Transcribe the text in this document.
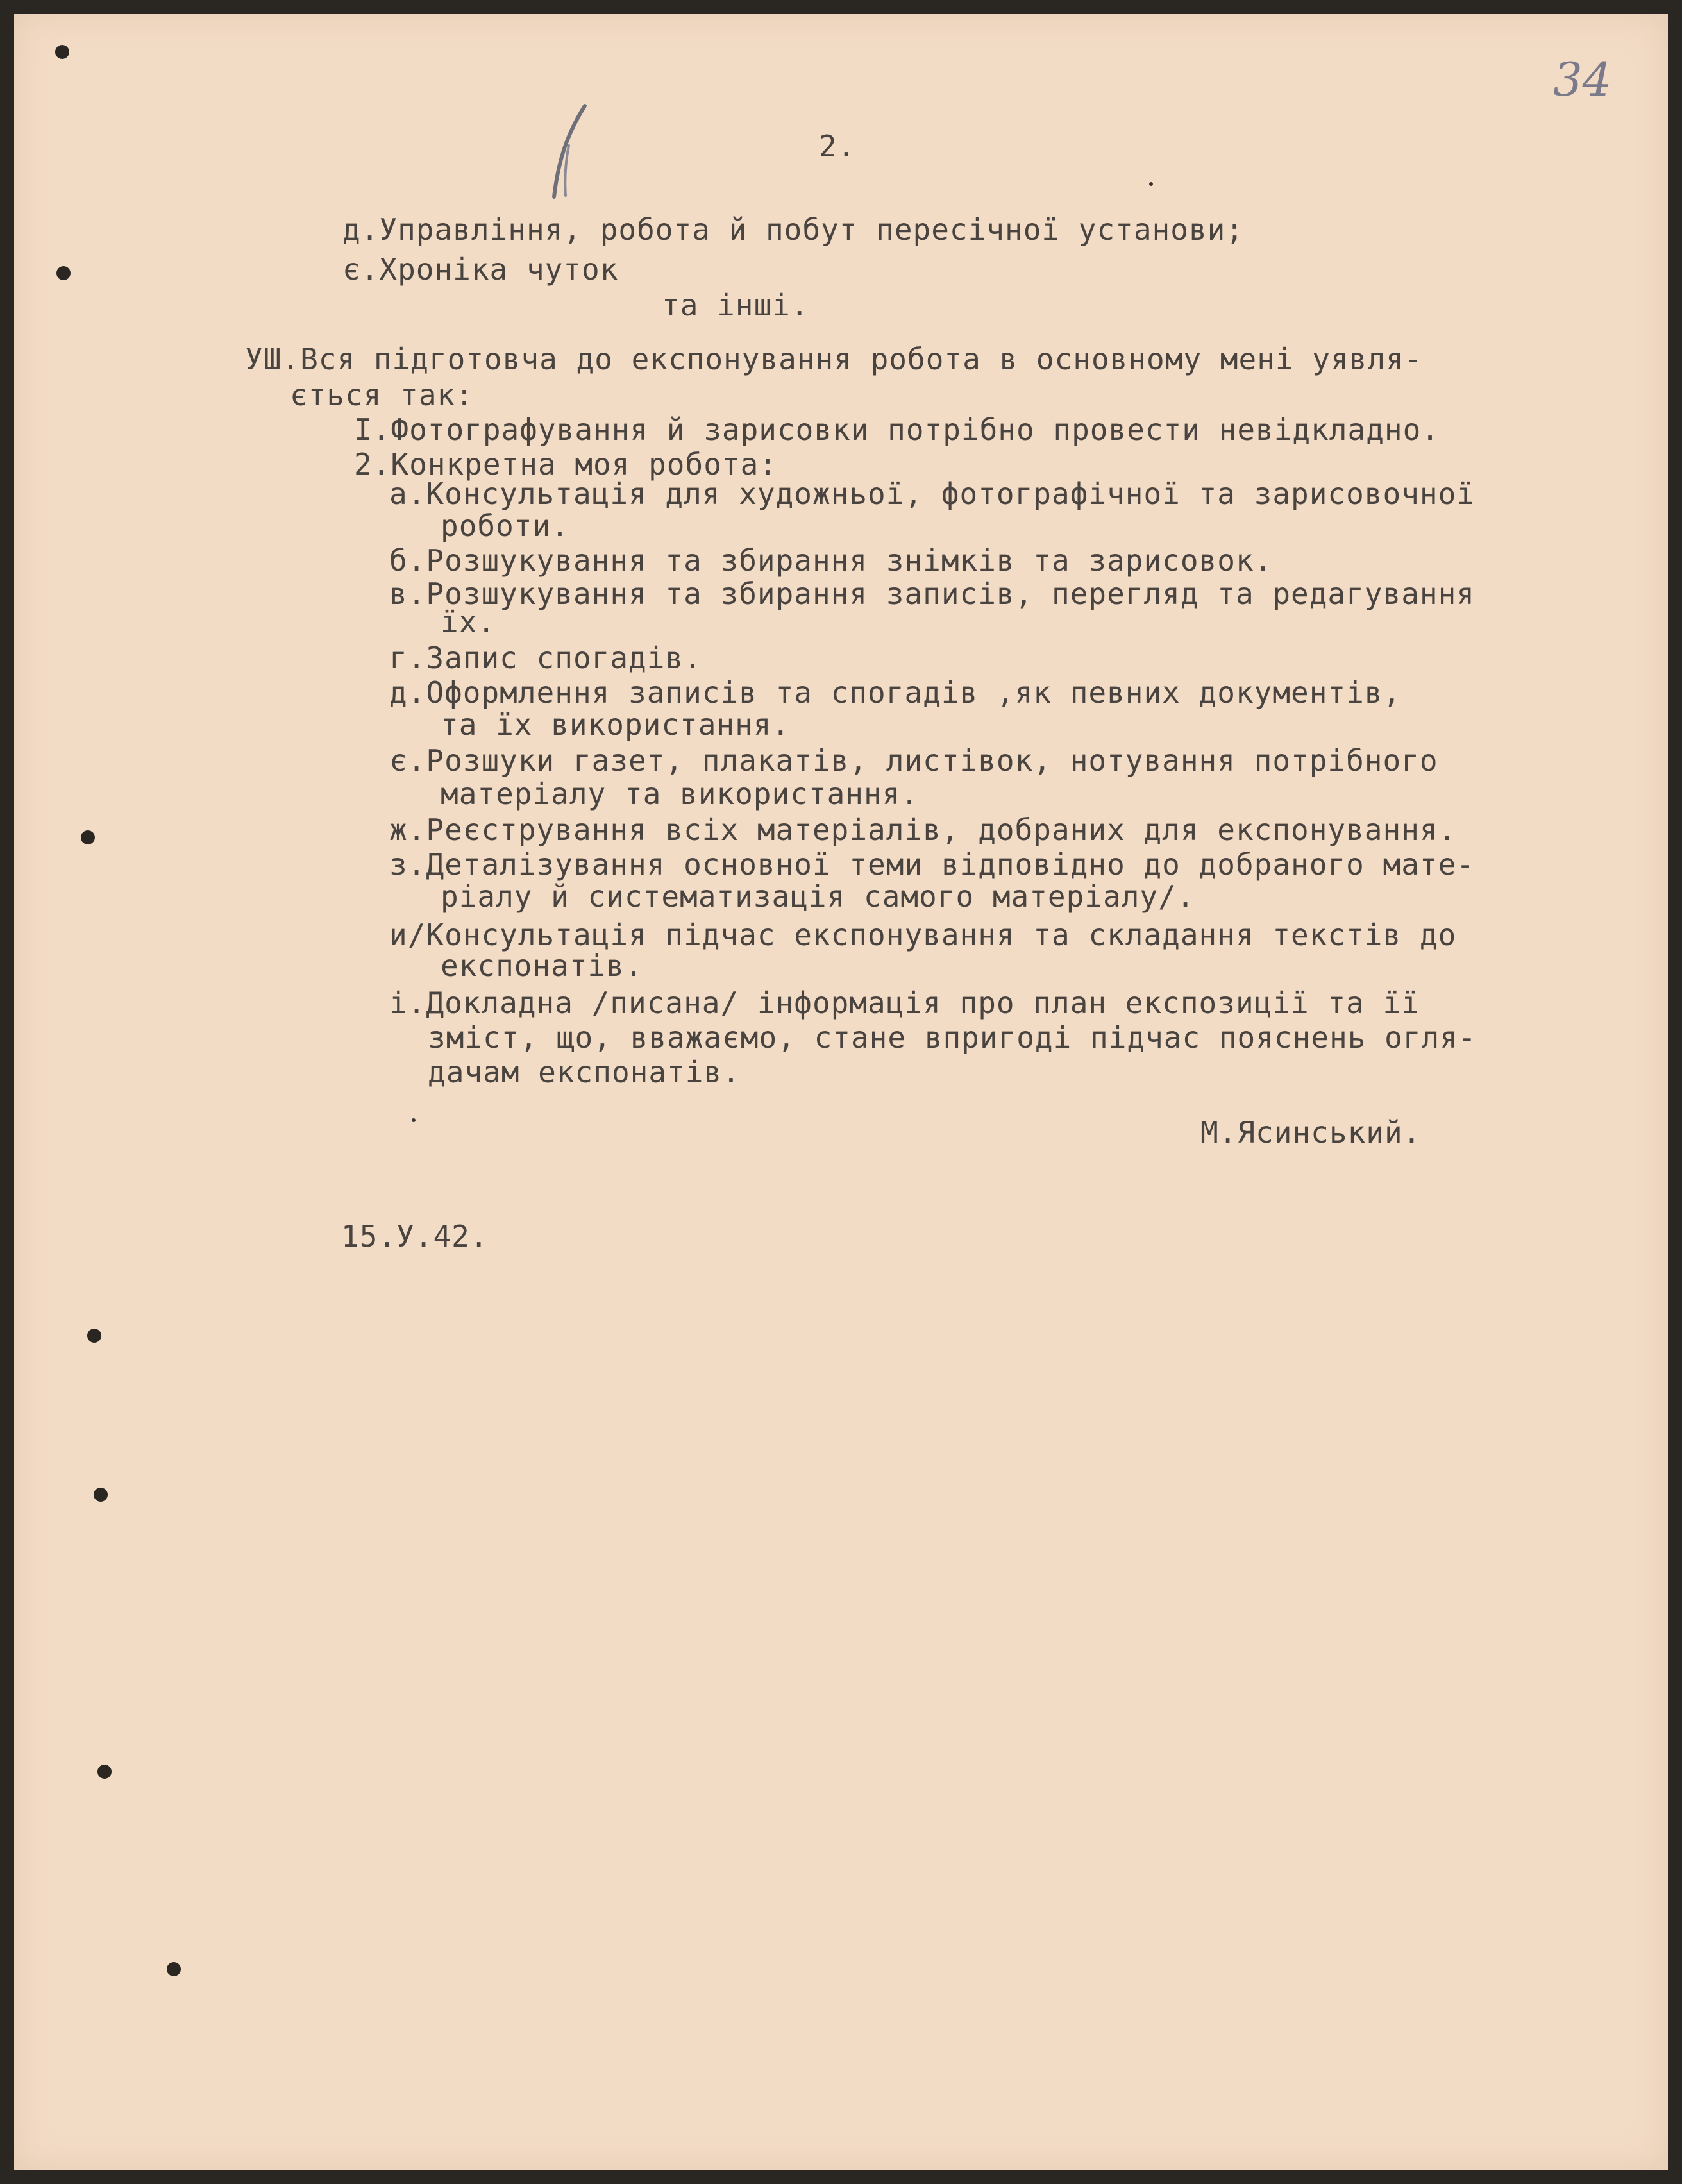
34
2.
д.Управління, робота й побут пересічної установи;
є.Хроніка чуток
та інші.
УШ.Вся підготовча до експонування робота в основному мені уявля-
ється так:
І.Фотографування й зарисовки потрібно провести невідкладно.
2.Конкретна моя робота:
а.Консультація для художньої, фотографічної та зарисовочної
роботи.
б.Розшукування та збирання знімків та зарисовок.
в.Розшукування та збирання записів, перегляд та редагування
їх.
г.Запис спогадів.
д.Оформлення записів та спогадів ,як певних документів,
та їх використання.
є.Розшуки газет, плакатів, листівок, нотування потрібного
матеріалу та використання.
ж.Реєстрування всіх матеріалів, добраних для експонування.
з.Деталізування основної теми відповідно до добраного мате-
ріалу й систематизація самого матеріалу/.
и/Консультація підчас експонування та складання текстів до
експонатів.
і.Докладна /писана/ інформація про план експозиції та її
зміст, що, вважаємо, стане впригоді підчас пояснень огля-
дачам експонатів.
М.Ясинський.
15.У.42.
